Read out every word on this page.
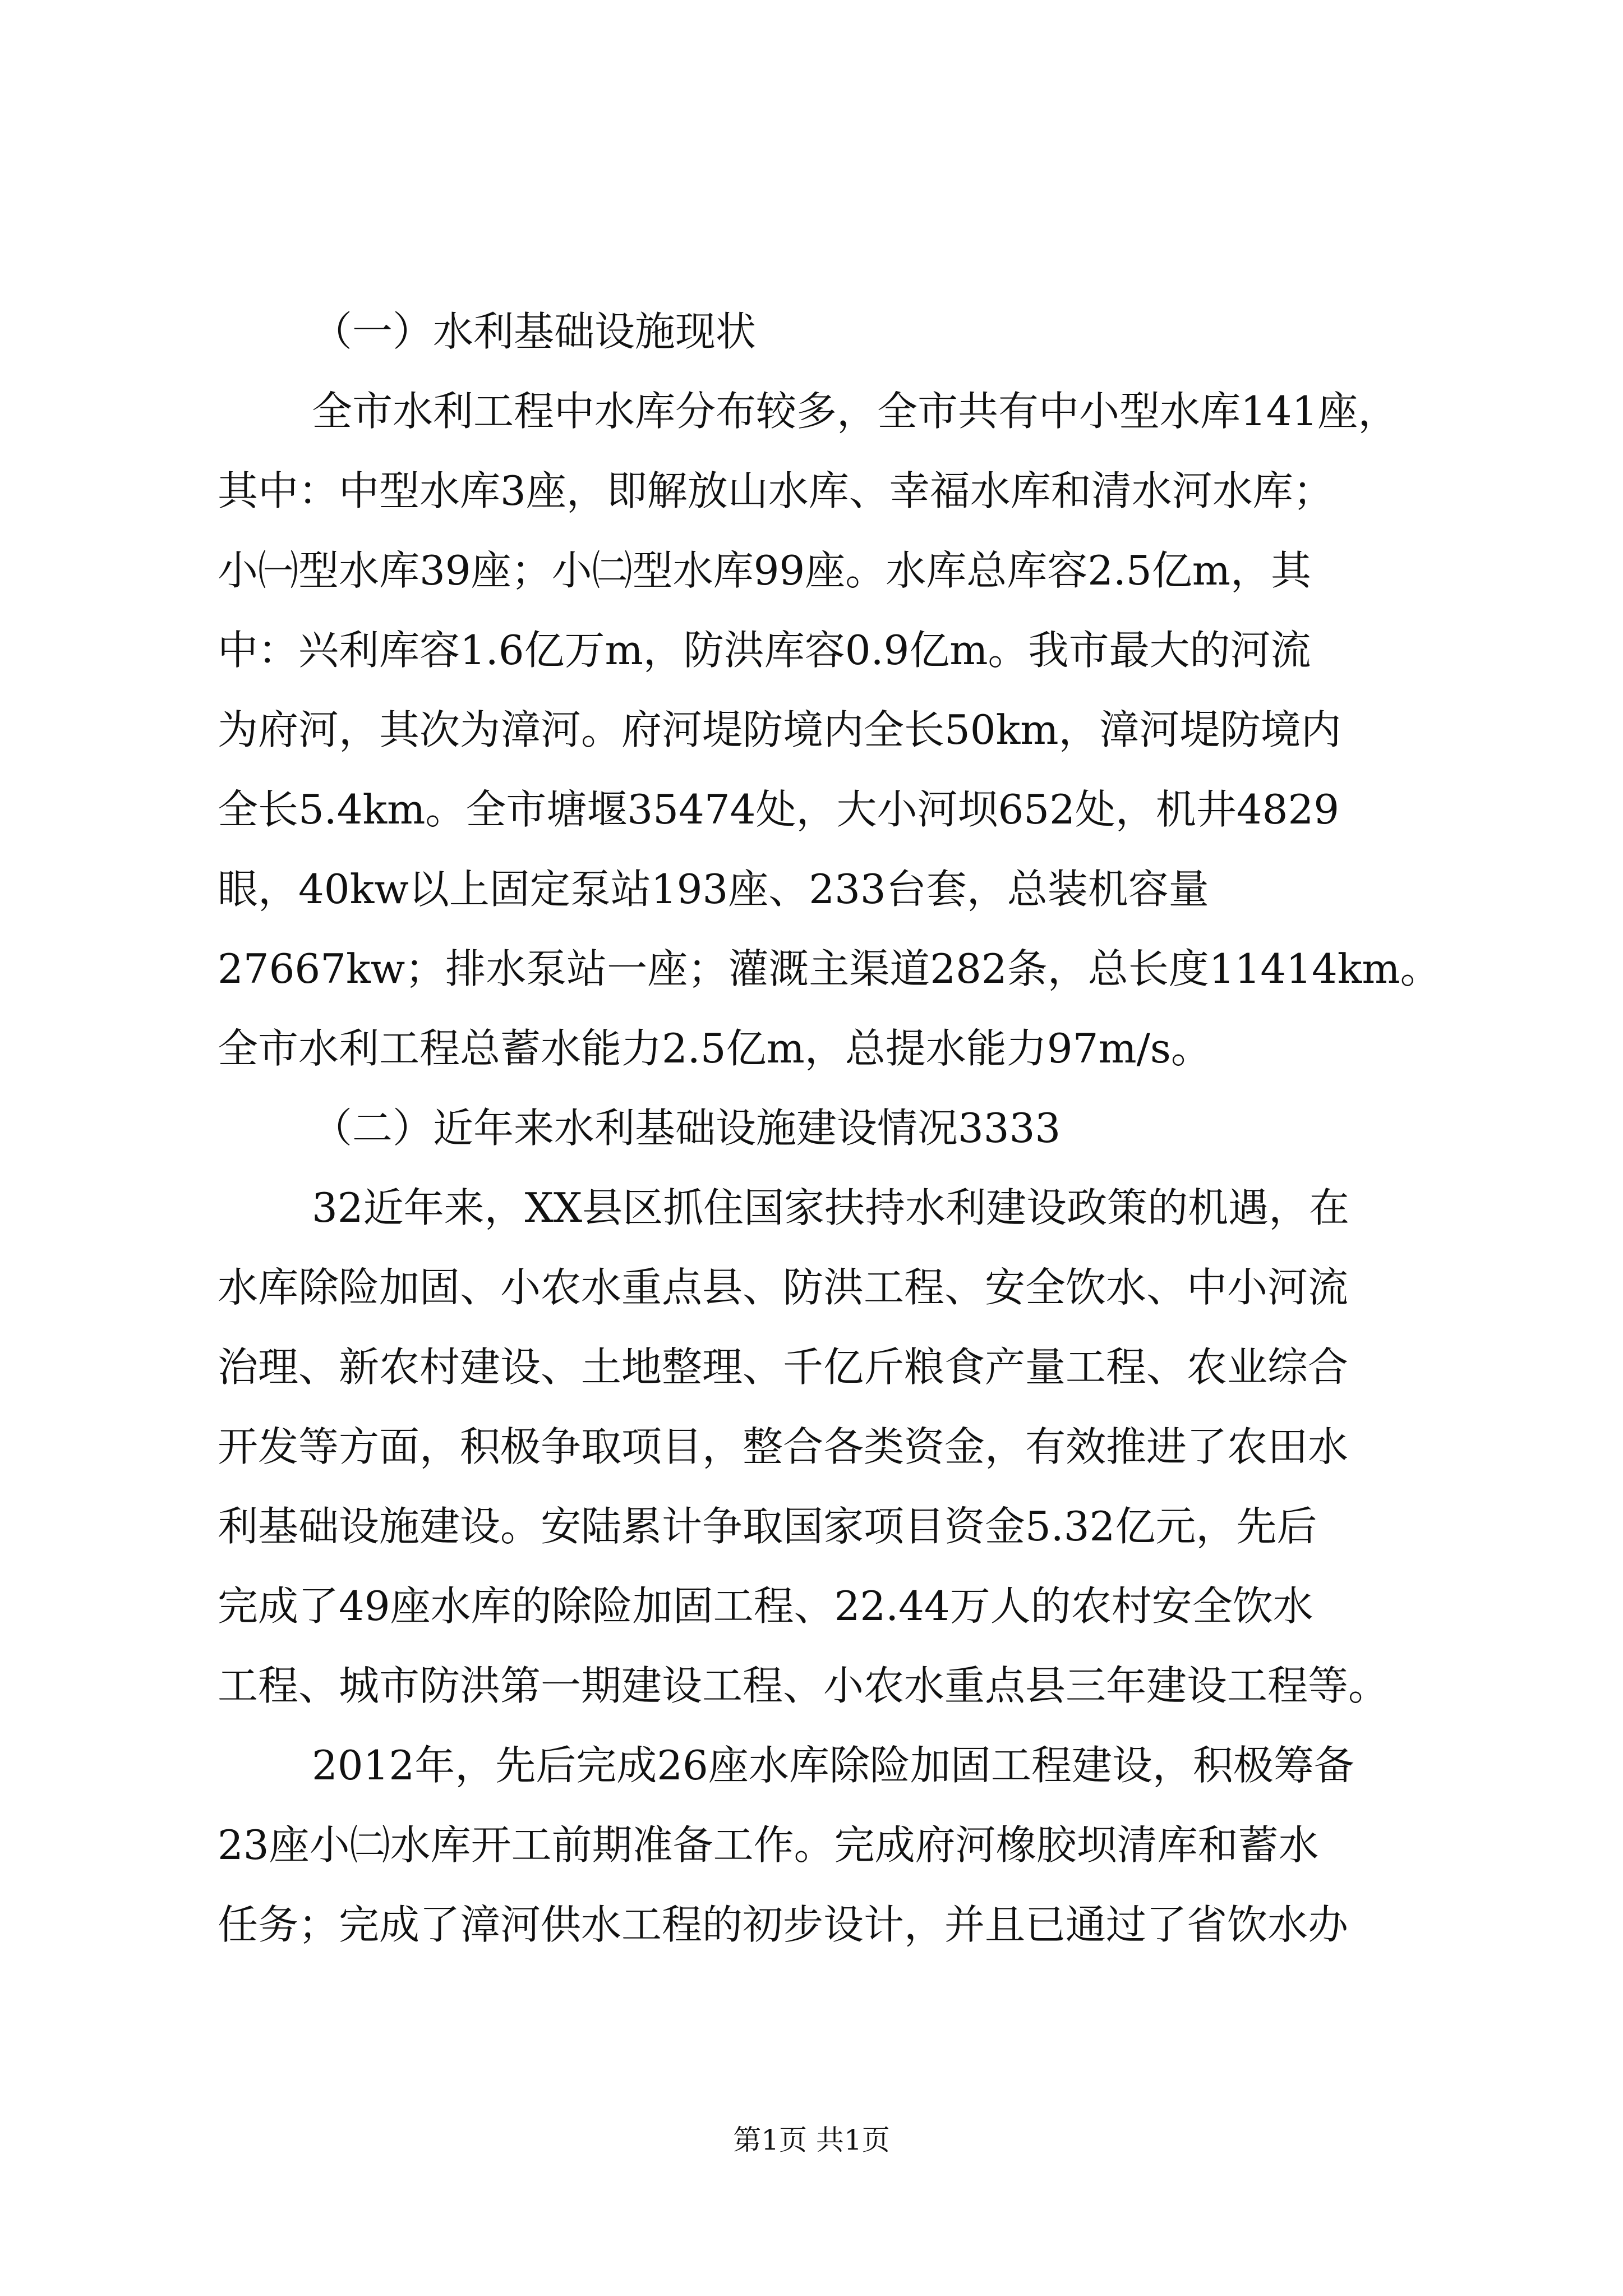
（一）水利基础设施现状
全市水利工程中水库分布较多，全市共有中小型水库141座，
其中：中型水库3座，即解放山水库、幸福水库和清水河水库；
小㈠型水库39座；小㈡型水库99座。水库总库容2.5亿m，其
中：兴利库容1.6亿万m，防洪库容0.9亿m。我市最大的河流
为府河，其次为漳河。府河堤防境内全长50km，漳河堤防境内
全长5.4km。全市塘堰35474处，大小河坝652处，机井4829
眼，40kw以上固定泵站193座、233台套，总装机容量
27667kw；排水泵站一座；灌溉主渠道282条，总长度11414km。
全市水利工程总蓄水能力2.5亿m，总提水能力97m/s。
（二）近年来水利基础设施建设情况3333
32近年来，XX县区抓住国家扶持水利建设政策的机遇，在
水库除险加固、小农水重点县、防洪工程、安全饮水、中小河流
治理、新农村建设、土地整理、千亿斤粮食产量工程、农业综合
开发等方面，积极争取项目，整合各类资金，有效推进了农田水
利基础设施建设。安陆累计争取国家项目资金5.32亿元，先后
完成了49座水库的除险加固工程、22.44万人的农村安全饮水
工程、城市防洪第一期建设工程、小农水重点县三年建设工程等。
2012年，先后完成26座水库除险加固工程建设，积极筹备
23座小㈡水库开工前期准备工作。完成府河橡胶坝清库和蓄水
任务；完成了漳河供水工程的初步设计，并且已通过了省饮水办
第1页 共1页
